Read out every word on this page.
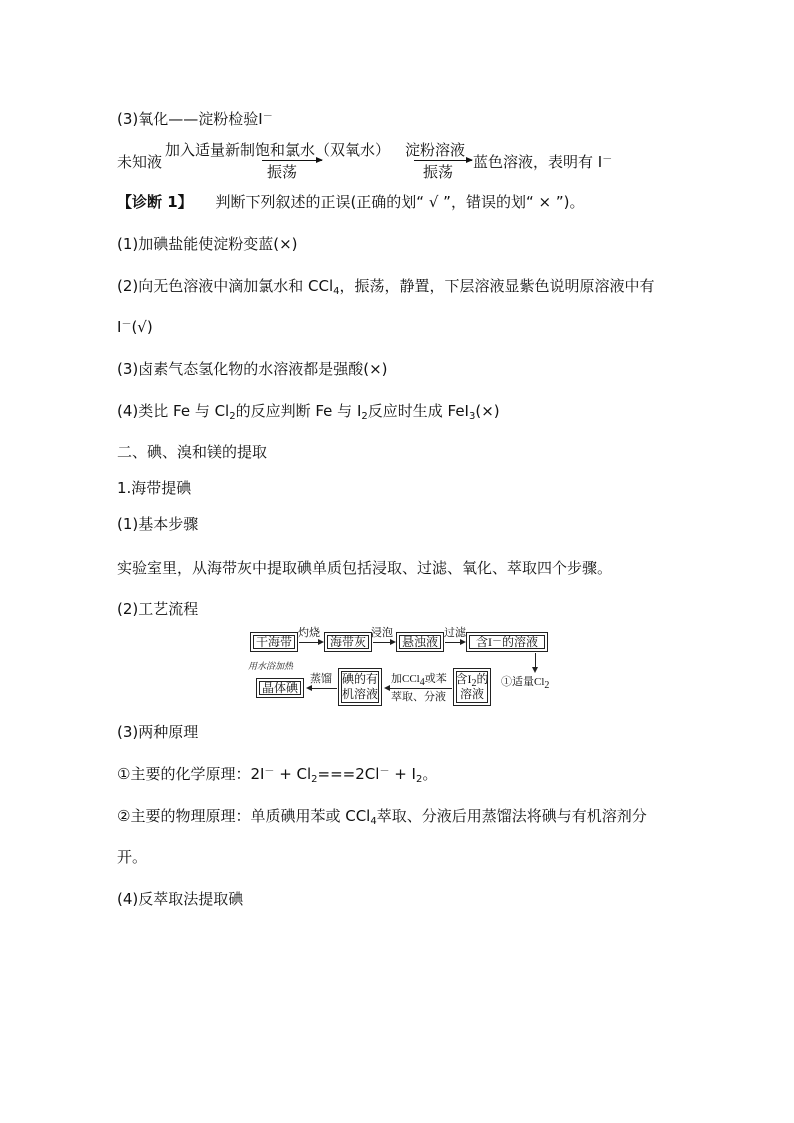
(3)氧化——淀粉检验I－
未知液
加入适量新制饱和氯水（双氧水）
振荡
淀粉溶液
振荡
蓝色溶液，表明有 I－
【诊断 1】 判断下列叙述的正误(正确的划“ √ ”，错误的划“ × ”)。
(1)加碘盐能使淀粉变蓝(×)
(2)向无色溶液中滴加氯水和 CCl$_4$，振荡，静置，下层溶液显紫色说明原溶液中有
I－(√)
(3)卤素气态氢化物的水溶液都是强酸(×)
(4)类比 Fe 与 $Cl_2$的反应判断 Fe 与 $I_2$反应时生成 FeI$_3$(×)
二、碘、溴和镁的提取
1.海带提碘
(1)基本步骤
实验室里，从海带灰中提取碘单质包括浸取、过滤、氧化、萃取四个步骤。
(2)工艺流程
干海带	海带灰	悬浊液	含I － 的溶液
灼烧	浸泡	过滤
①适量$Cl_2$
含$I_2$的
溶液
碘的有
机溶液
晶体碘
加CCl$_4$或苯
萃取、分液
蒸馏
用水浴加热
(3)两种原理
①主要的化学原理：$2I^- + Cl_2===2Cl^- + I_2$。
②主要的物理原理：单质碘用苯或 CCl$_4$萃取、分液后用蒸馏法将碘与有机溶剂分
开。
(4)反萃取法提取碘
